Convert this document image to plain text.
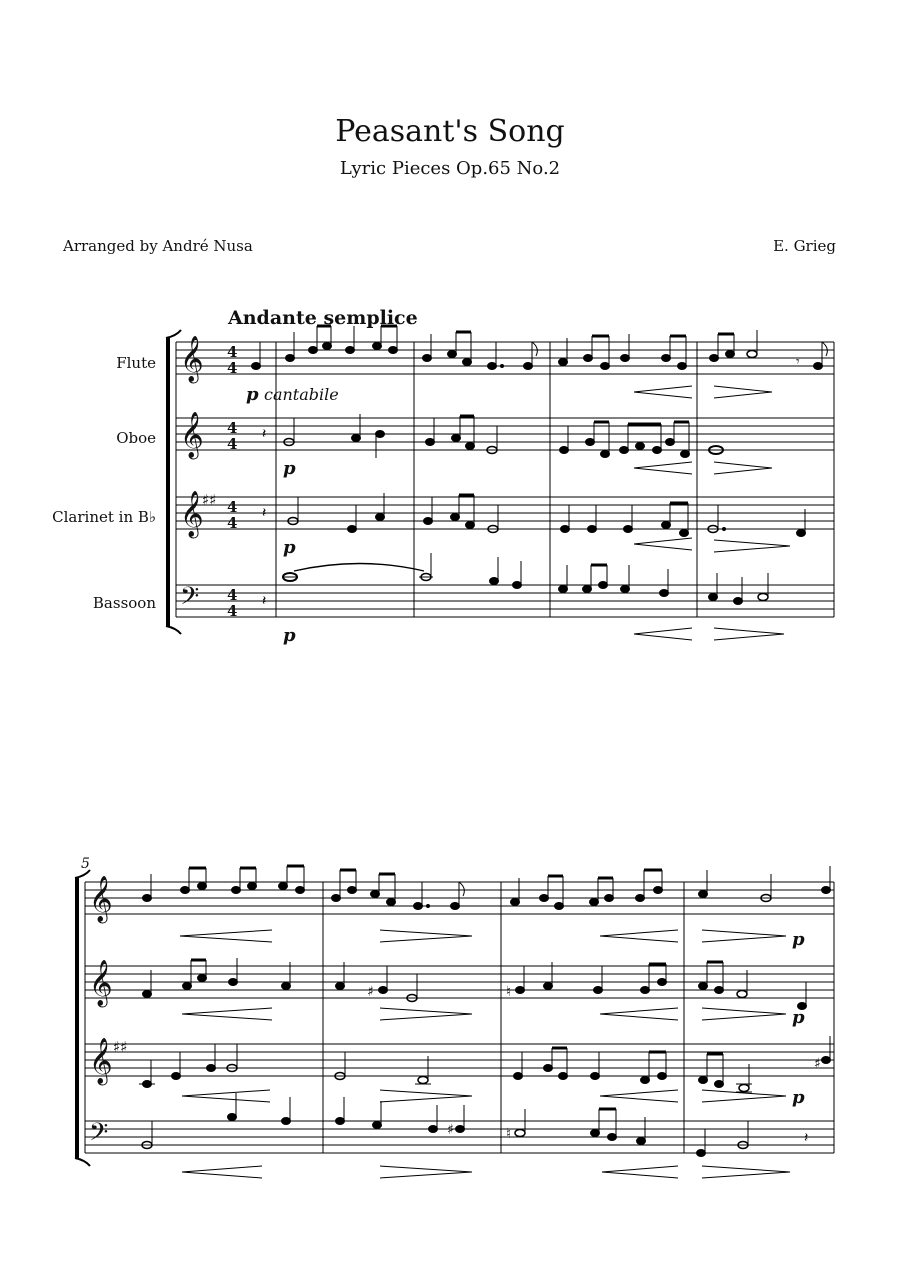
Peasant's Song
Lyric Pieces Op.65 No.2
Arranged by André Nusa	E. Grieg
Andante semplice
Flute
Oboe
Clarinet in B♭
Bassoon
𝄞
𝄞
𝄞
𝄢
♯♯
4
4
4
4
4
4
4
4
𝄾
𝄽
𝄽
𝄽
p cantabile
p
p
p
5
𝄞
𝄞
𝄞
𝄢
♯♯
♯	♮
♯
♯	♮	𝄽
p
p
p
